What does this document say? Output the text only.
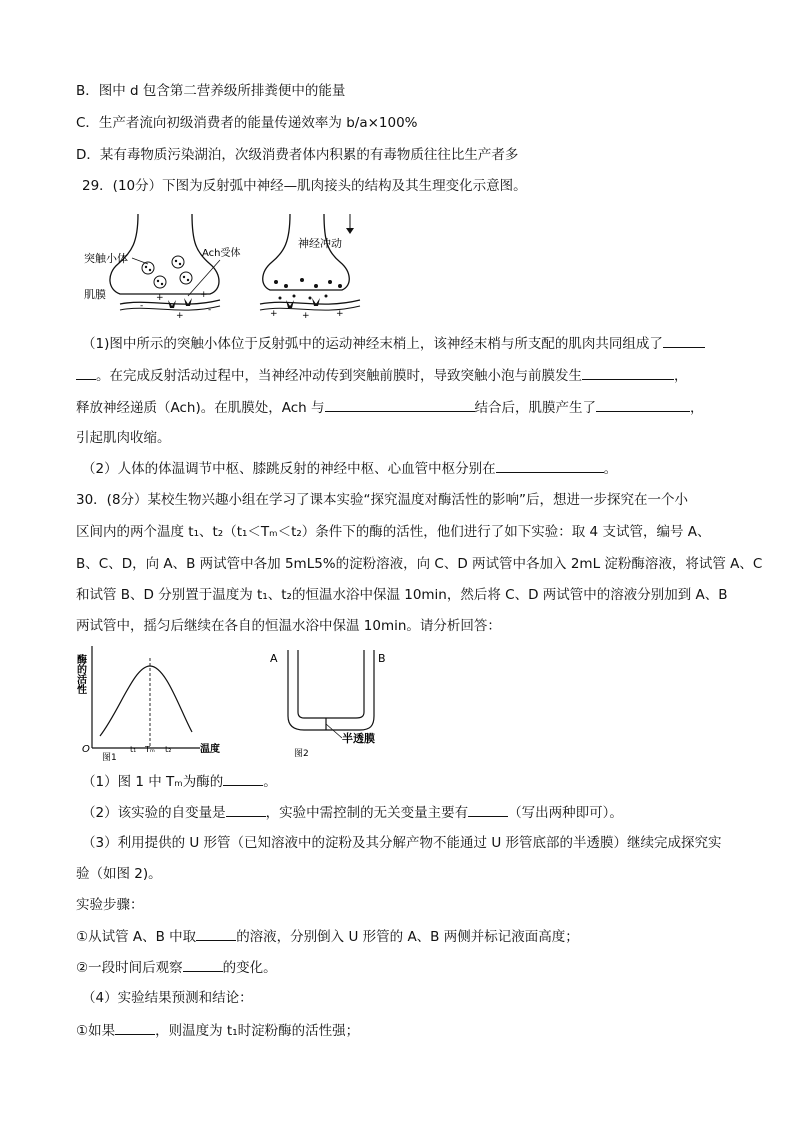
B．图中 d 包含第二营养级所排粪便中的能量
C．生产者流向初级消费者的能量传递效率为 b/a×100%
D．某有毒物质污染湖泊，次级消费者体内积累的有毒物质往往比生产者多
29．(10分）下图为反射弧中神经—肌肉接头的结构及其生理变化示意图。
+	+
-	-
+
突触小体	Ach受体
肌膜
+	+	+
神经冲动
（1)图中所示的突触小体位于反射弧中的运动神经末梢上，该神经末梢与所支配的肌肉共同组成了
。在完成反射活动过程中，当神经冲动传到突触前膜时，导致突触小泡与前膜发生	，
释放神经递质（Ach)。在肌膜处，Ach 与	结合后，肌膜产生了	，
引起肌肉收缩。
（2）人体的体温调节中枢、膝跳反射的神经中枢、心血管中枢分别在	。
30．(8分）某校生物兴趣小组在学习了课本实验“探究温度对酶活性的影响”后，想进一步探究在一个小
区间内的两个温度 t₁、t₂（t₁＜Tₘ＜t₂）条件下的酶的活性，他们进行了如下实验：取 4 支试管，编号 A、
B、C、D，向 A、B 两试管中各加 5mL5%的淀粉溶液，向 C、D 两试管中各加入 2mL 淀粉酶溶液，将试管 A、C
和试管 B、D 分别置于温度为 t₁、t₂的恒温水浴中保温 10min，然后将 C、D 两试管中的溶液分别加到 A、B
两试管中，摇匀后继续在各自的恒温水浴中保温 10min。请分析回答：
酶的活性
O	t₁ Tₘ t₂	温度
图1
A	B
半透膜
图2
（1）图 1 中 Tₘ为酶的	。
（2）该实验的自变量是	，实验中需控制的无关变量主要有	（写出两种即可）。
（3）利用提供的 U 形管（已知溶液中的淀粉及其分解产物不能通过 U 形管底部的半透膜）继续完成探究实
验（如图 2)。
实验步骤：
①从试管 A、B 中取	的溶液，分别倒入 U 形管的 A、B 两侧并标记液面高度；
②一段时间后观察	的变化。
（4）实验结果预测和结论：
①如果	，则温度为 t₁时淀粉酶的活性强；
